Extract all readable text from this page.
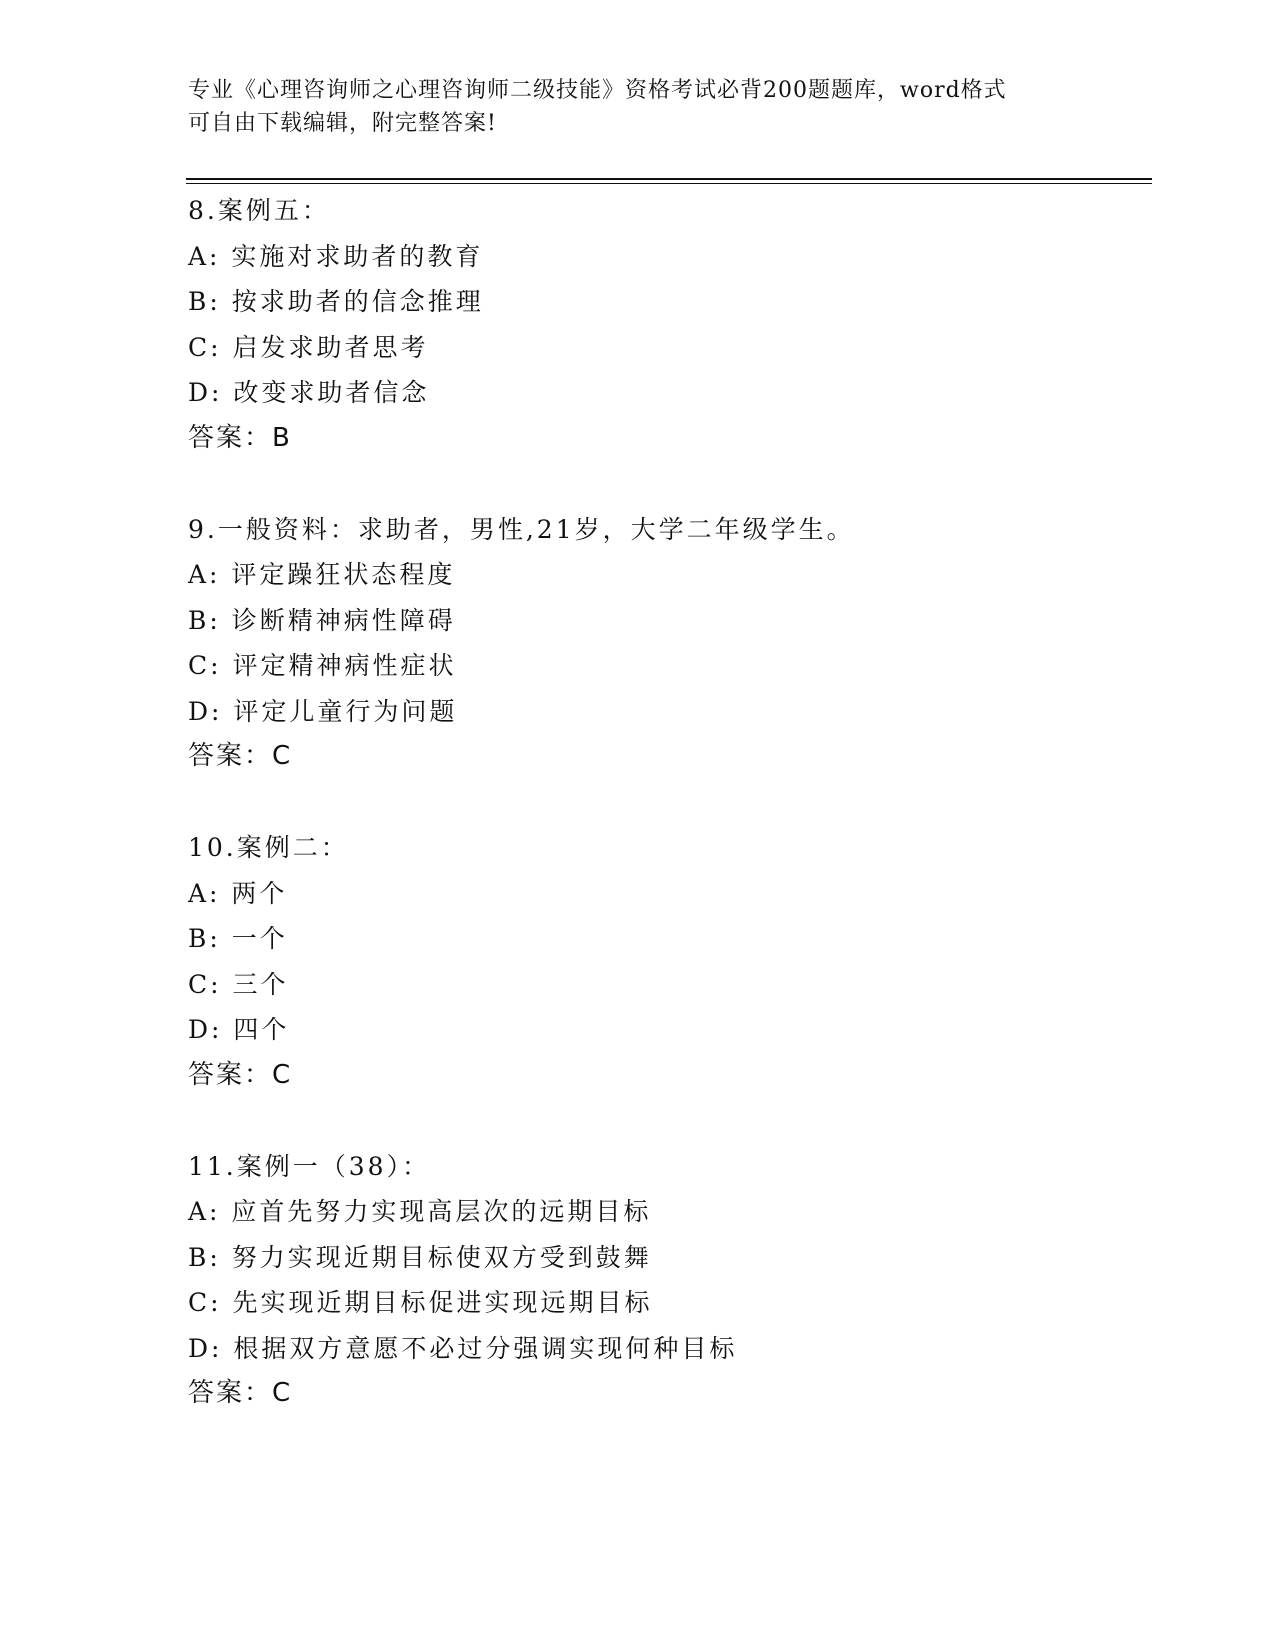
专业《心理咨询师之心理咨询师二级技能》资格考试必背200题题库，word格式

可自由下载编辑，附完整答案!

8.案例五：
A: 实施对求助者的教育
B: 按求助者的信念推理
C: 启发求助者思考
D: 改变求助者信念
答案：B
9.一般资料：求助者，男性,21岁，大学二年级学生。
A: 评定躁狂状态程度
B: 诊断精神病性障碍
C: 评定精神病性症状
D: 评定儿童行为问题
答案：C
10.案例二：
A: 两个
B: 一个
C: 三个
D: 四个
答案：C
11.案例一（38）：
A: 应首先努力实现高层次的远期目标
B: 努力实现近期目标使双方受到鼓舞
C: 先实现近期目标促进实现远期目标
D: 根据双方意愿不必过分强调实现何种目标
答案：C
